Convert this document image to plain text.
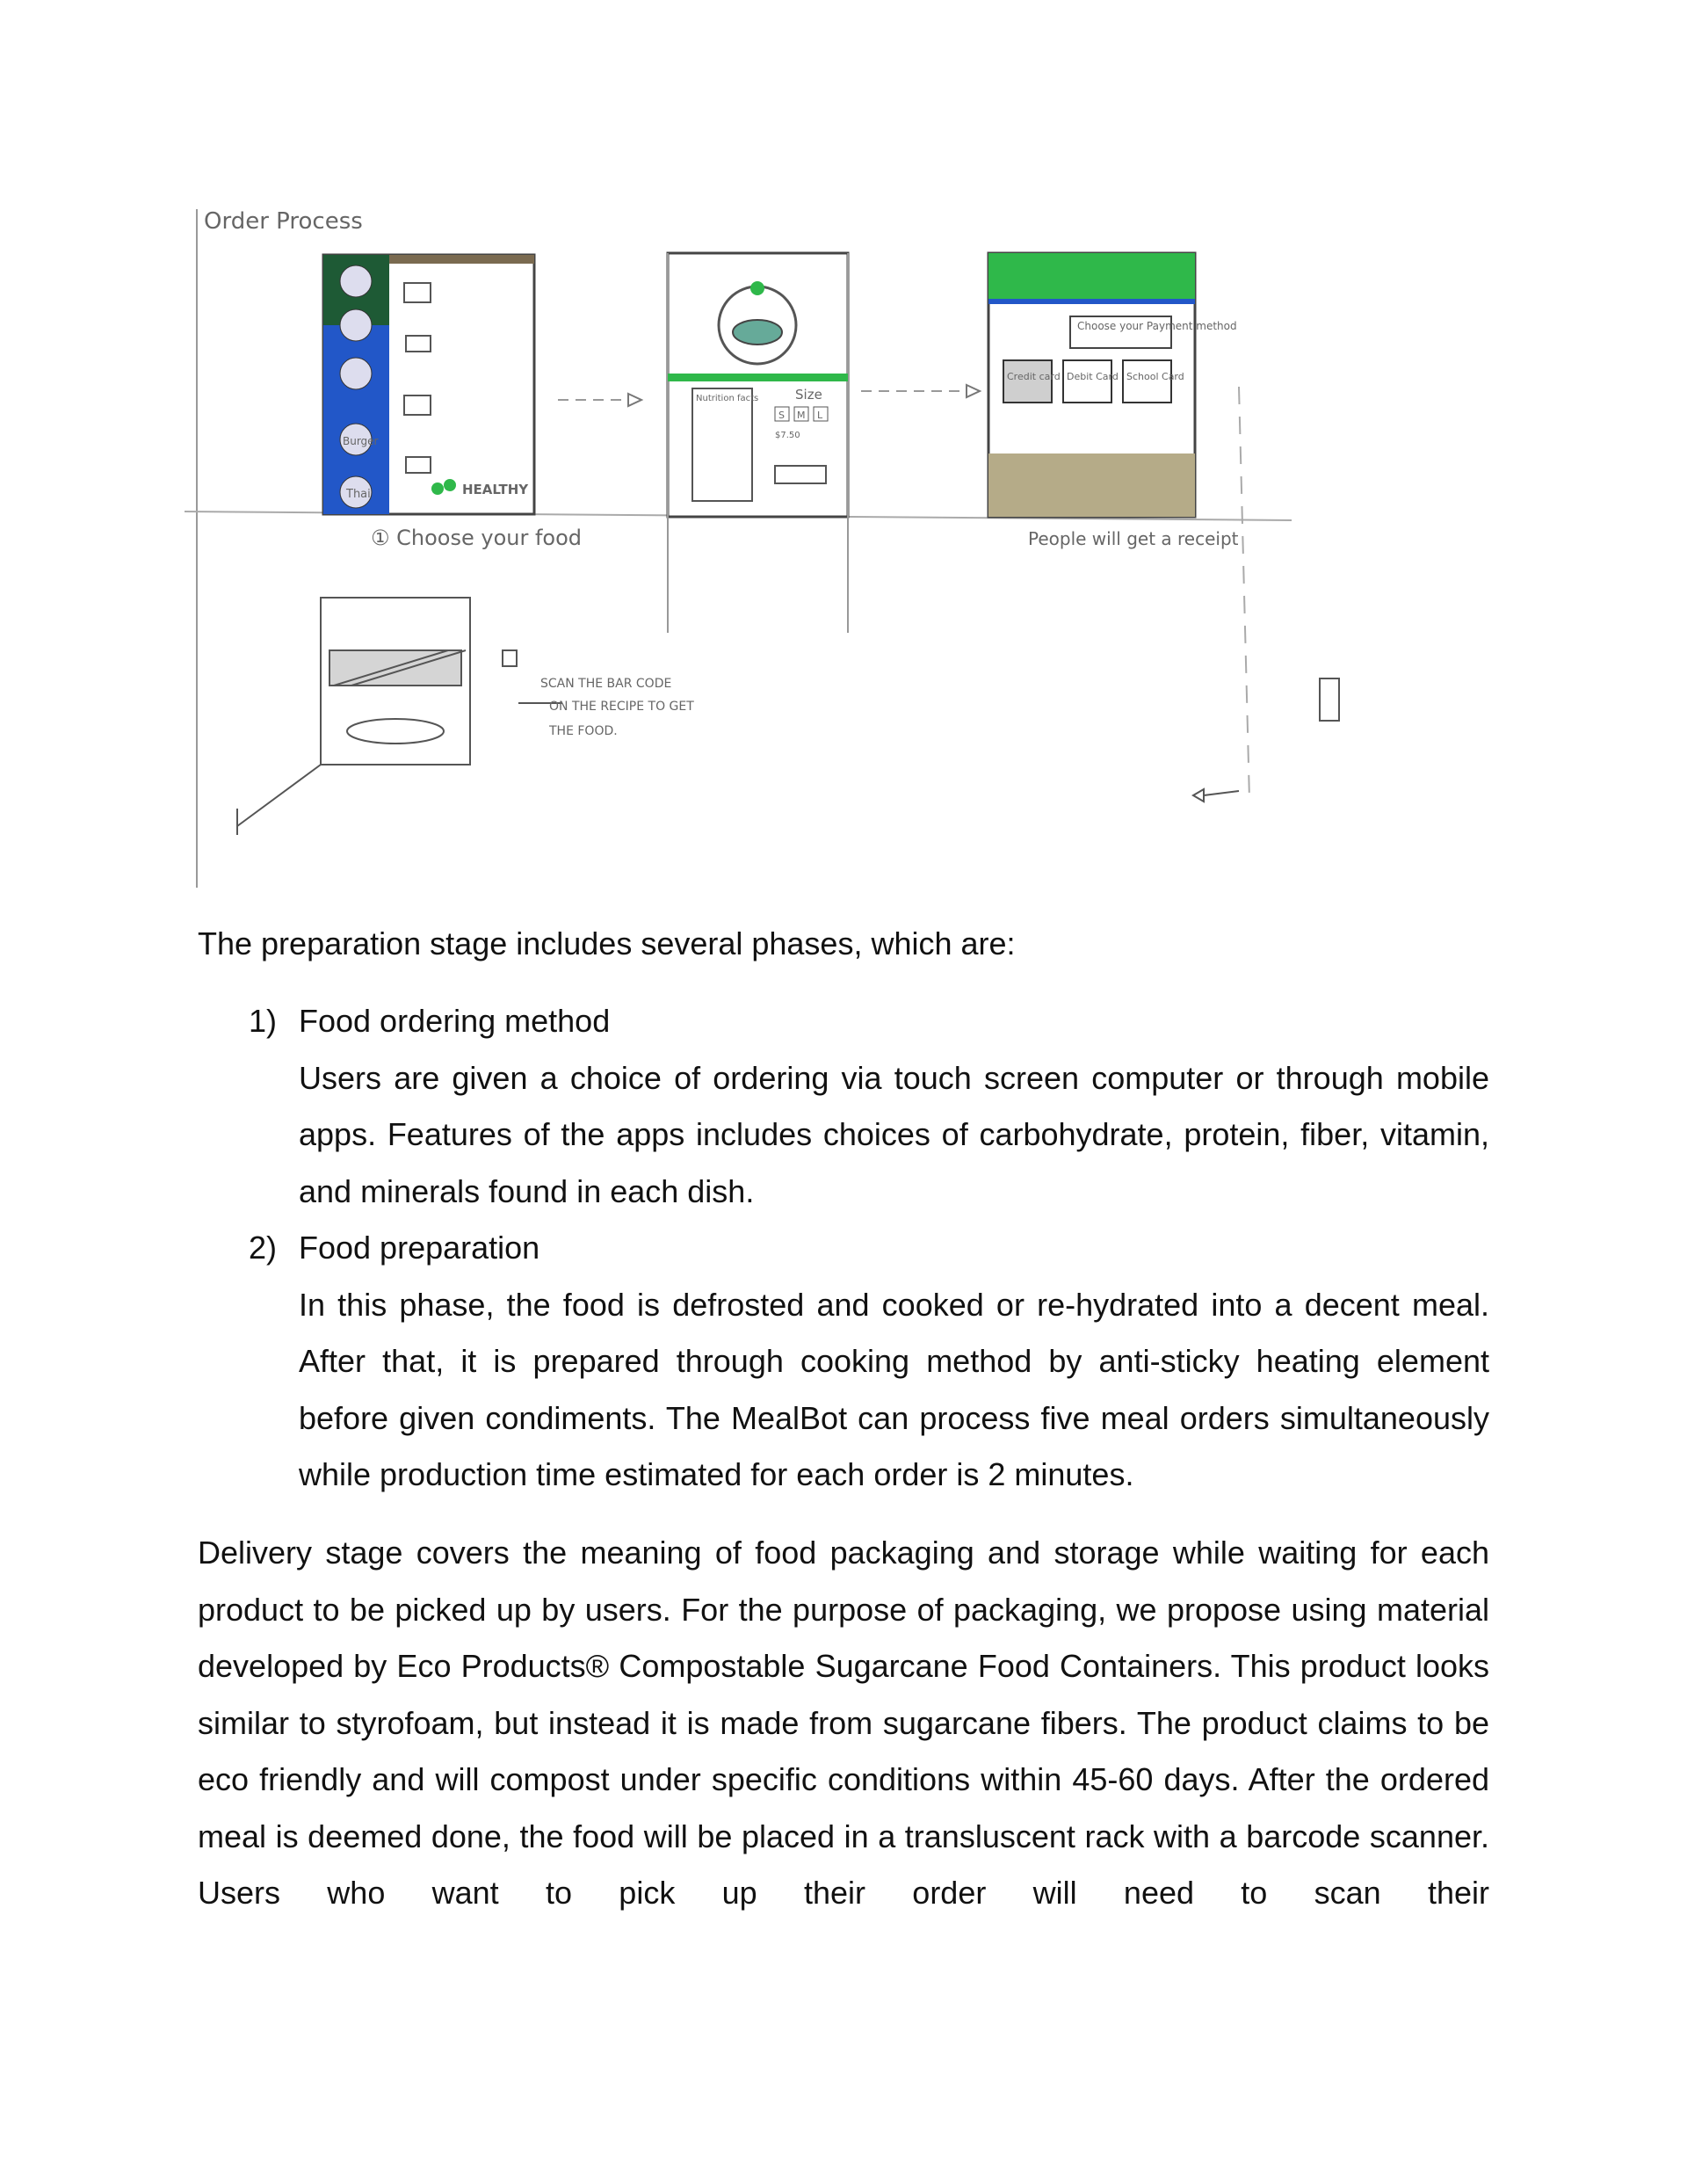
Order Process
Burger
Thai	HEALTHY
① Choose your food
Nutrition facts	Size
S M L
$7.50
Choose your Payment method
Credit card Debit Card School Card
People will get a receipt
SCAN THE BAR CODE
ON THE RECIPE TO GET
THE FOOD.
The preparation stage includes several phases, which are:
1) Food ordering method
Users are given a choice of ordering via touch screen computer or through mobile apps. Features of the apps includes choices of carbohydrate, protein, fiber, vitamin, and minerals found in each dish.
2) Food preparation
In this phase, the food is defrosted and cooked or re-hydrated into a decent meal. After that, it is prepared through cooking method by anti-sticky heating element before given condiments. The MealBot can process five meal orders simultaneously while production time estimated for each order is 2 minutes.
Delivery stage covers the meaning of food packaging and storage while waiting for each product to be picked up by users. For the purpose of packaging, we propose using material developed by Eco Products® Compostable Sugarcane Food Containers. This product looks similar to styrofoam, but instead it is made from sugarcane fibers. The product claims to be eco friendly and will compost under specific conditions within 45-60 days. After the ordered meal is deemed done, the food will be placed in a transluscent rack with a barcode scanner. Users who want to pick up their order will need to scan their
